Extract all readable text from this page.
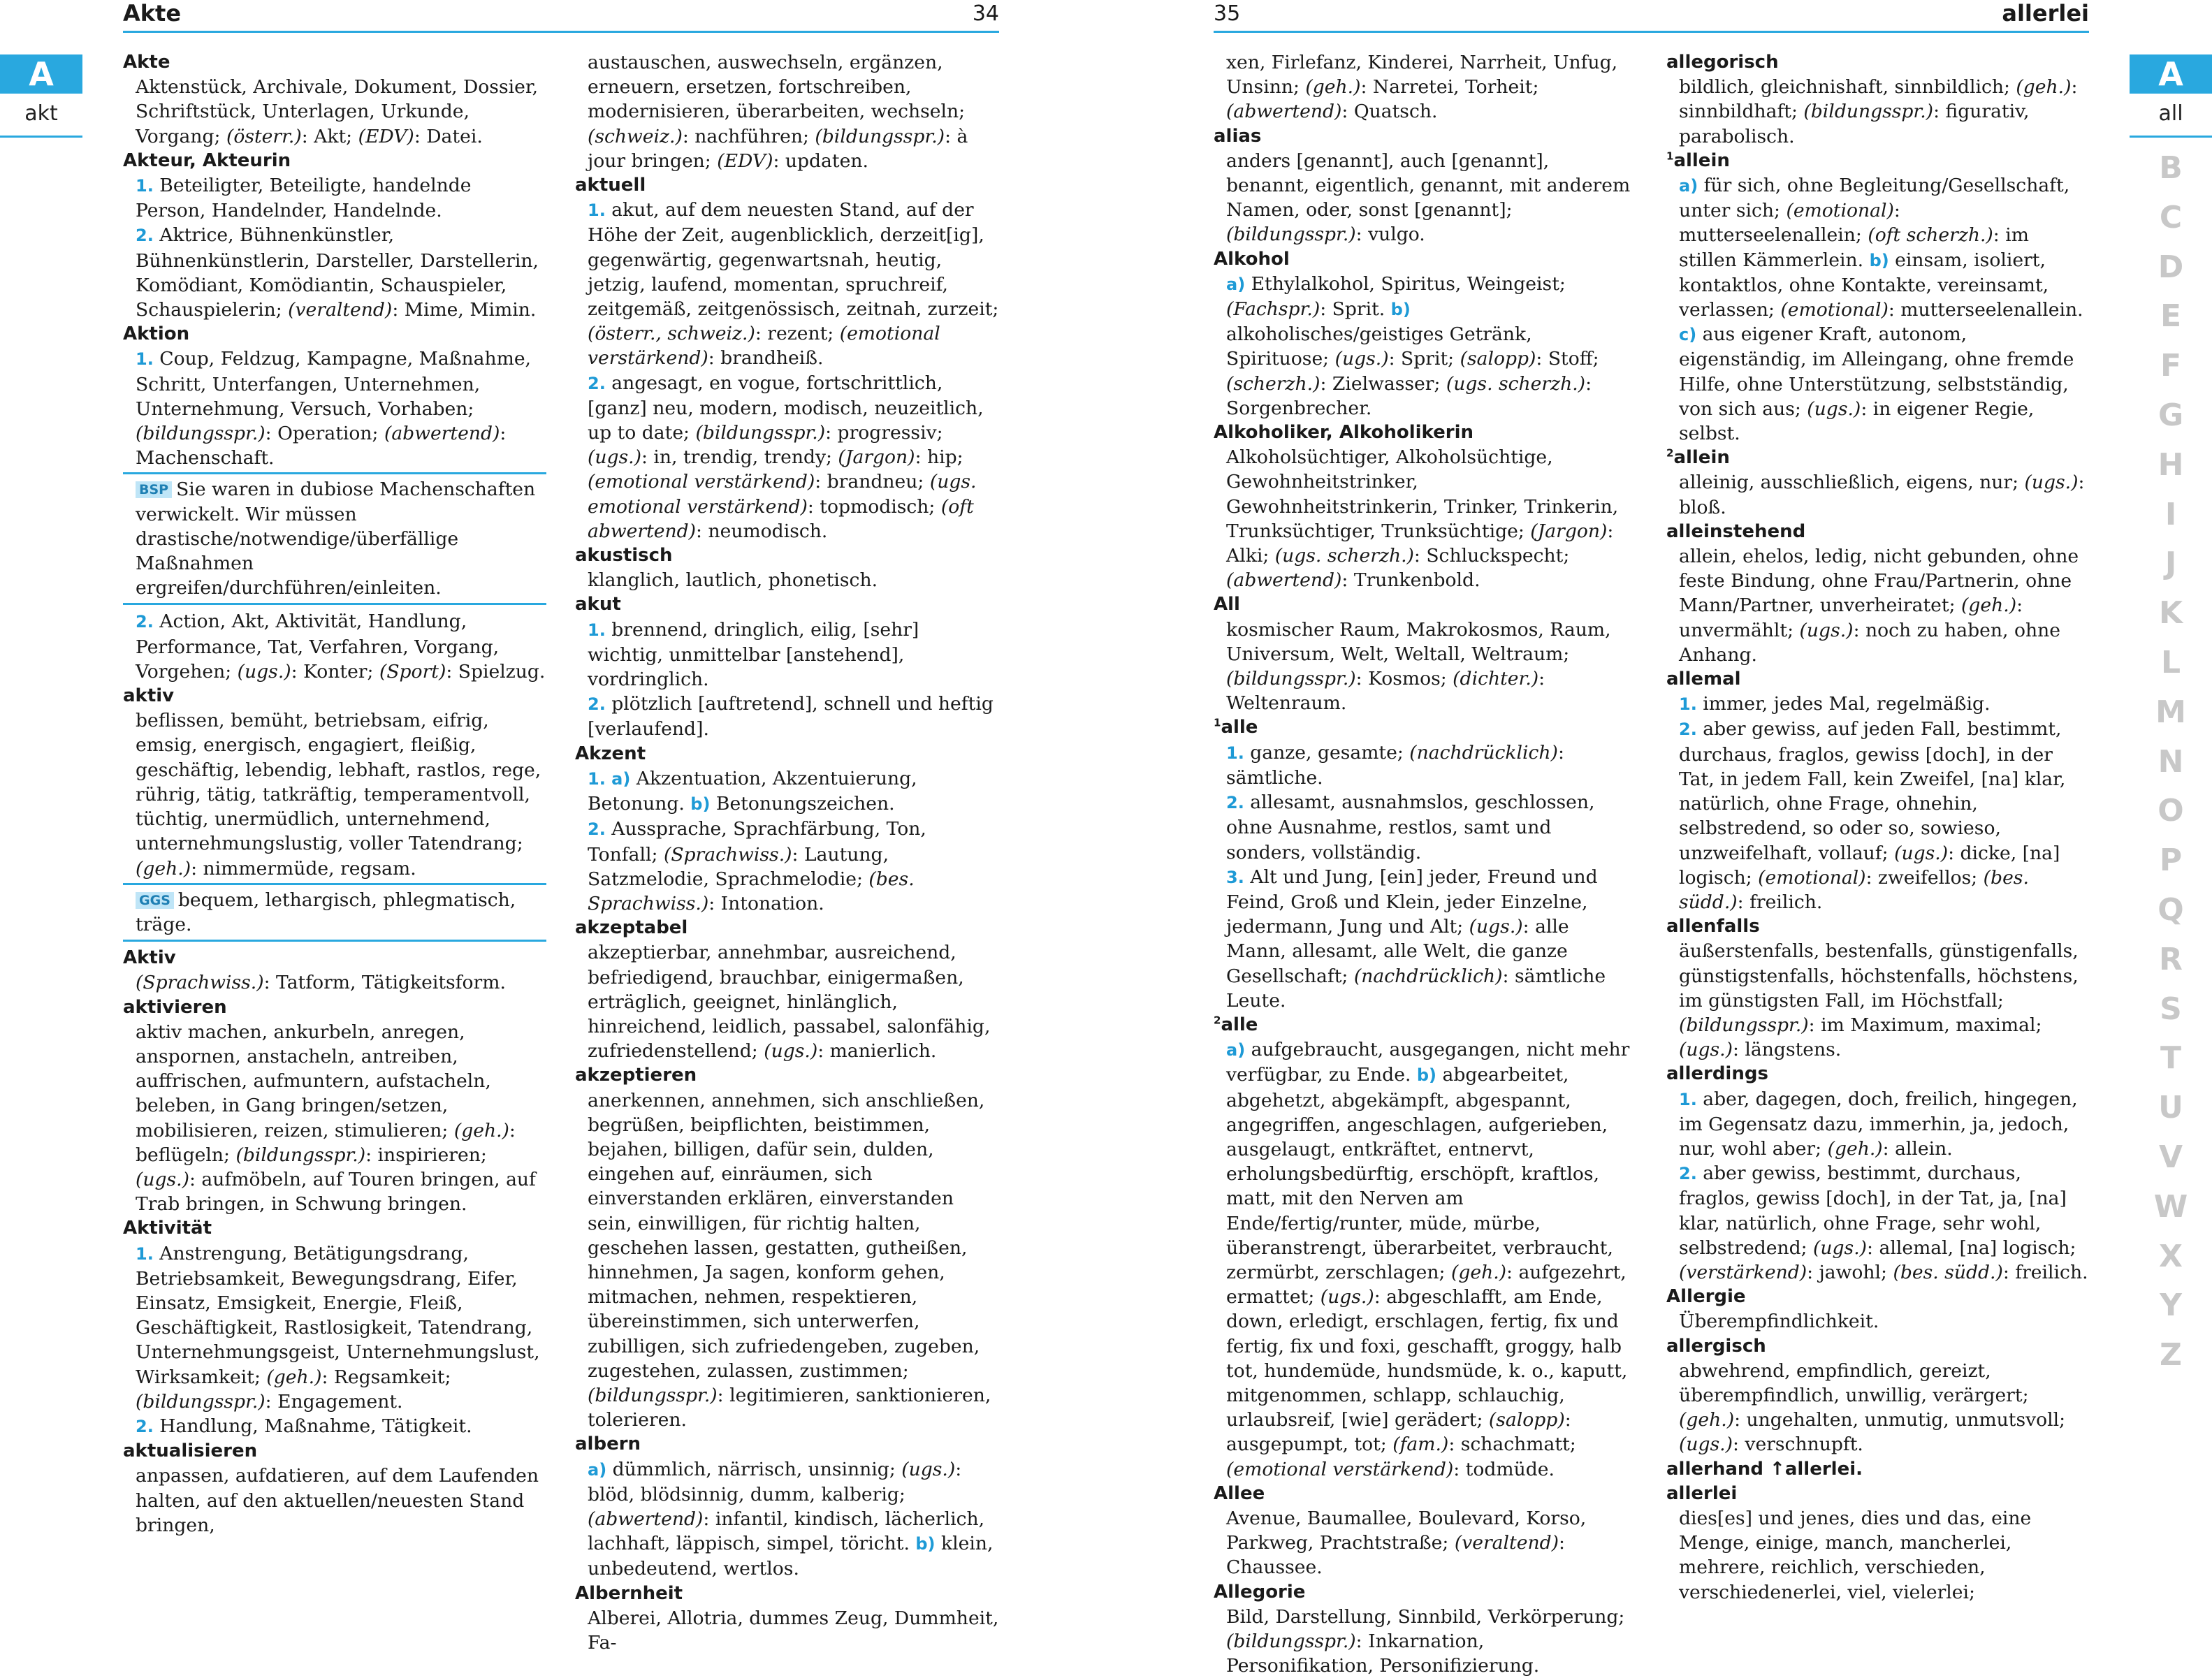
Akte	34
A
akt

Akte

Aktenstück, Archivale, Dokument, Dossier, Schriftstück, Unterlagen, Urkunde, Vorgang; (österr.): Akt; (EDV): Datei.

Akteur, Akteurin

1. Beteiligter, Beteiligte, handelnde Person, Handelnder, Handelnde.

2. Aktrice, Bühnenkünstler, Bühnenkünstlerin, Darsteller, Darstellerin, Komödiant, Komödiantin, Schauspieler, Schauspielerin; (veraltend): Mime, Mimin.

Aktion

1. Coup, Feldzug, Kampagne, Maßnahme, Schritt, Unterfangen, Unternehmen, Unternehmung, Versuch, Vorhaben; (bildungsspr.): Operation; (abwertend): Machenschaft.

BSP Sie waren in dubiose Machenschaften verwickelt. Wir müssen drastische/notwendige/überfällige Maßnahmen ergreifen/durchführen/einleiten.

2. Action, Akt, Aktivität, Handlung, Performance, Tat, Verfahren, Vorgang, Vorgehen; (ugs.): Konter; (Sport): Spielzug.

aktiv

beflissen, bemüht, betriebsam, eifrig, emsig, energisch, engagiert, fleißig, geschäftig, lebendig, lebhaft, rastlos, rege, rührig, tätig, tatkräftig, temperamentvoll, tüchtig, unermüdlich, unternehmend, unternehmungslustig, voller Tatendrang; (geh.): nimmermüde, regsam.

GGS bequem, lethargisch, phlegmatisch, träge.

Aktiv

(Sprachwiss.): Tatform, Tätigkeitsform.

aktivieren

aktiv machen, ankurbeln, anregen, anspornen, anstacheln, antreiben, auffrischen, aufmuntern, aufstacheln, beleben, in Gang bringen/setzen, mobilisieren, reizen, stimulieren; (geh.): beflügeln; (bildungsspr.): inspirieren; (ugs.): aufmöbeln, auf Touren bringen, auf Trab bringen, in Schwung bringen.

Aktivität

1. Anstrengung, Betätigungsdrang, Betriebsamkeit, Bewegungsdrang, Eifer, Einsatz, Emsigkeit, Energie, Fleiß, Geschäftigkeit, Rastlosigkeit, Tatendrang, Unternehmungsgeist, Unternehmungslust, Wirksamkeit; (geh.): Regsamkeit; (bildungsspr.): Engagement.

2. Handlung, Maßnahme, Tätigkeit.

aktualisieren

anpassen, aufdatieren, auf dem Laufenden halten, auf den aktuellen/neuesten Stand bringen,

austauschen, auswechseln, ergänzen, erneuern, ersetzen, fortschreiben, modernisieren, überarbeiten, wechseln; (schweiz.): nachführen; (bildungsspr.): à jour bringen; (EDV): updaten.

aktuell

1. akut, auf dem neuesten Stand, auf der Höhe der Zeit, augenblicklich, derzeit[ig], gegenwärtig, gegenwartsnah, heutig, jetzig, laufend, momentan, spruchreif, zeitgemäß, zeitgenössisch, zeitnah, zurzeit; (österr., schweiz.): rezent; (emotional verstärkend): brandheiß.

2. angesagt, en vogue, fortschrittlich, [ganz] neu, modern, modisch, neuzeitlich, up to date; (bildungsspr.): progressiv; (ugs.): in, trendig, trendy; (Jargon): hip; (emotional verstärkend): brandneu; (ugs. emotional verstärkend): topmodisch; (oft abwertend): neumodisch.

akustisch

klanglich, lautlich, phonetisch.

akut

1. brennend, dringlich, eilig, [sehr] wichtig, unmittelbar [anstehend], vordringlich.

2. plötzlich [auftretend], schnell und heftig [verlaufend].

Akzent

1. a) Akzentuation, Akzentuierung, Betonung. b) Betonungszeichen.

2. Aussprache, Sprachfärbung, Ton, Tonfall; (Sprachwiss.): Lautung, Satzmelodie, Sprachmelodie; (bes. Sprachwiss.): Intonation.

akzeptabel

akzeptierbar, annehmbar, ausreichend, befriedigend, brauchbar, einigermaßen, erträglich, geeignet, hinlänglich, hinreichend, leidlich, passabel, salonfähig, zufriedenstellend; (ugs.): manierlich.

akzeptieren

anerkennen, annehmen, sich anschließen, begrüßen, beipflichten, beistimmen, bejahen, billigen, dafür sein, dulden, eingehen auf, einräumen, sich einverstanden erklären, einverstanden sein, einwilligen, für richtig halten, geschehen lassen, gestatten, gutheißen, hinnehmen, Ja sagen, konform gehen, mitmachen, nehmen, respektieren, übereinstimmen, sich unterwerfen, zubilligen, sich zufriedengeben, zugeben, zugestehen, zulassen, zustimmen; (bildungsspr.): legitimieren, sanktionieren, tolerieren.

albern

a) dümmlich, närrisch, unsinnig; (ugs.): blöd, blödsinnig, dumm, kalberig; (abwertend): infantil, kindisch, lächerlich, lachhaft, läppisch, simpel, töricht. b) klein, unbedeutend, wertlos.

Albernheit

Alberei, Allotria, dummes Zeug, Dummheit, Fa-

35	allerlei
A
all
B
C
D
E
F
G
H
I
J
K
L
M
N
O
P
Q
R
S
T
U
V
W
X
Y
Z

xen, Firlefanz, Kinderei, Narrheit, Unfug, Unsinn; (geh.): Narretei, Torheit; (abwertend): Quatsch.

alias

anders [genannt], auch [genannt], benannt, eigentlich, genannt, mit anderem Namen, oder, sonst [genannt]; (bildungsspr.): vulgo.

Alkohol

a) Ethylalkohol, Spiritus, Weingeist; (Fachspr.): Sprit. b) alkoholisches/geistiges Getränk, Spirituose; (ugs.): Sprit; (salopp): Stoff; (scherzh.): Zielwasser; (ugs. scherzh.): Sorgenbrecher.

Alkoholiker, Alkoholikerin

Alkoholsüchtiger, Alkoholsüchtige, Gewohnheitstrinker, Gewohnheitstrinkerin, Trinker, Trinkerin, Trunksüchtiger, Trunksüchtige; (Jargon): Alki; (ugs. scherzh.): Schluckspecht; (abwertend): Trunkenbold.

All

kosmischer Raum, Makrokosmos, Raum, Universum, Welt, Weltall, Weltraum; (bildungsspr.): Kosmos; (dichter.): Weltenraum.

$^1$alle

1. ganze, gesamte; (nachdrücklich): sämtliche.

2. allesamt, ausnahmslos, geschlossen, ohne Ausnahme, restlos, samt und sonders, vollständig.

3. Alt und Jung, [ein] jeder, Freund und Feind, Groß und Klein, jeder Einzelne, jedermann, Jung und Alt; (ugs.): alle Mann, allesamt, alle Welt, die ganze Gesellschaft; (nachdrücklich): sämtliche Leute.

$^2$alle

a) aufgebraucht, ausgegangen, nicht mehr verfügbar, zu Ende. b) abgearbeitet, abgehetzt, abgekämpft, abgespannt, angegriffen, angeschlagen, aufgerieben, ausgelaugt, entkräftet, entnervt, erholungsbedürftig, erschöpft, kraftlos, matt, mit den Nerven am Ende/fertig/runter, müde, mürbe, überanstrengt, überarbeitet, verbraucht, zermürbt, zerschlagen; (geh.): aufgezehrt, ermattet; (ugs.): abgeschlafft, am Ende, down, erledigt, erschlagen, fertig, fix und fertig, fix und foxi, geschafft, groggy, halb tot, hundemüde, hundsmüde, k. o., kaputt, mitgenommen, schlapp, schlauchig, urlaubsreif, [wie] gerädert; (salopp): ausgepumpt, tot; (fam.): schachmatt; (emotional verstärkend): todmüde.

Allee

Avenue, Baumallee, Boulevard, Korso, Parkweg, Prachtstraße; (veraltend): Chaussee.

Allegorie

Bild, Darstellung, Sinnbild, Verkörperung; (bildungsspr.): Inkarnation, Personifikation, Personifizierung.

allegorisch

bildlich, gleichnishaft, sinnbildlich; (geh.): sinnbildhaft; (bildungsspr.): figurativ, parabolisch.

$^1$allein

a) für sich, ohne Begleitung/Gesellschaft, unter sich; (emotional): mutterseelenallein; (oft scherzh.): im stillen Kämmerlein. b) einsam, isoliert, kontaktlos, ohne Kontakte, vereinsamt, verlassen; (emotional): mutterseelenallein. c) aus eigener Kraft, autonom, eigenständig, im Alleingang, ohne fremde Hilfe, ohne Unterstützung, selbstständig, von sich aus; (ugs.): in eigener Regie, selbst.

$^2$allein

alleinig, ausschließlich, eigens, nur; (ugs.): bloß.

alleinstehend

allein, ehelos, ledig, nicht gebunden, ohne feste Bindung, ohne Frau/Partnerin, ohne Mann/Partner, unverheiratet; (geh.): unvermählt; (ugs.): noch zu haben, ohne Anhang.

allemal

1. immer, jedes Mal, regelmäßig.

2. aber gewiss, auf jeden Fall, bestimmt, durchaus, fraglos, gewiss [doch], in der Tat, in jedem Fall, kein Zweifel, [na] klar, natürlich, ohne Frage, ohnehin, selbstredend, so oder so, sowieso, unzweifelhaft, vollauf; (ugs.): dicke, [na] logisch; (emotional): zweifellos; (bes. südd.): freilich.

allenfalls

äußerstenfalls, bestenfalls, günstigenfalls, günstigstenfalls, höchstenfalls, höchstens, im günstigsten Fall, im Höchstfall; (bildungsspr.): im Maximum, maximal; (ugs.): längstens.

allerdings

1. aber, dagegen, doch, freilich, hingegen, im Gegensatz dazu, immerhin, ja, jedoch, nur, wohl aber; (geh.): allein.

2. aber gewiss, bestimmt, durchaus, fraglos, gewiss [doch], in der Tat, ja, [na] klar, natürlich, ohne Frage, sehr wohl, selbstredend; (ugs.): allemal, [na] logisch; (verstärkend): jawohl; (bes. südd.): freilich.

Allergie

Überempfindlichkeit.

allergisch

abwehrend, empfindlich, gereizt, überempfindlich, unwillig, verärgert; (geh.): ungehalten, unmutig, unmutsvoll; (ugs.): verschnupft.

allerhand ↑allerlei.

allerlei

dies[es] und jenes, dies und das, eine Menge, einige, manch, mancherlei, mehrere, reichlich, verschieden, verschiedenerlei, viel, vielerlei;
